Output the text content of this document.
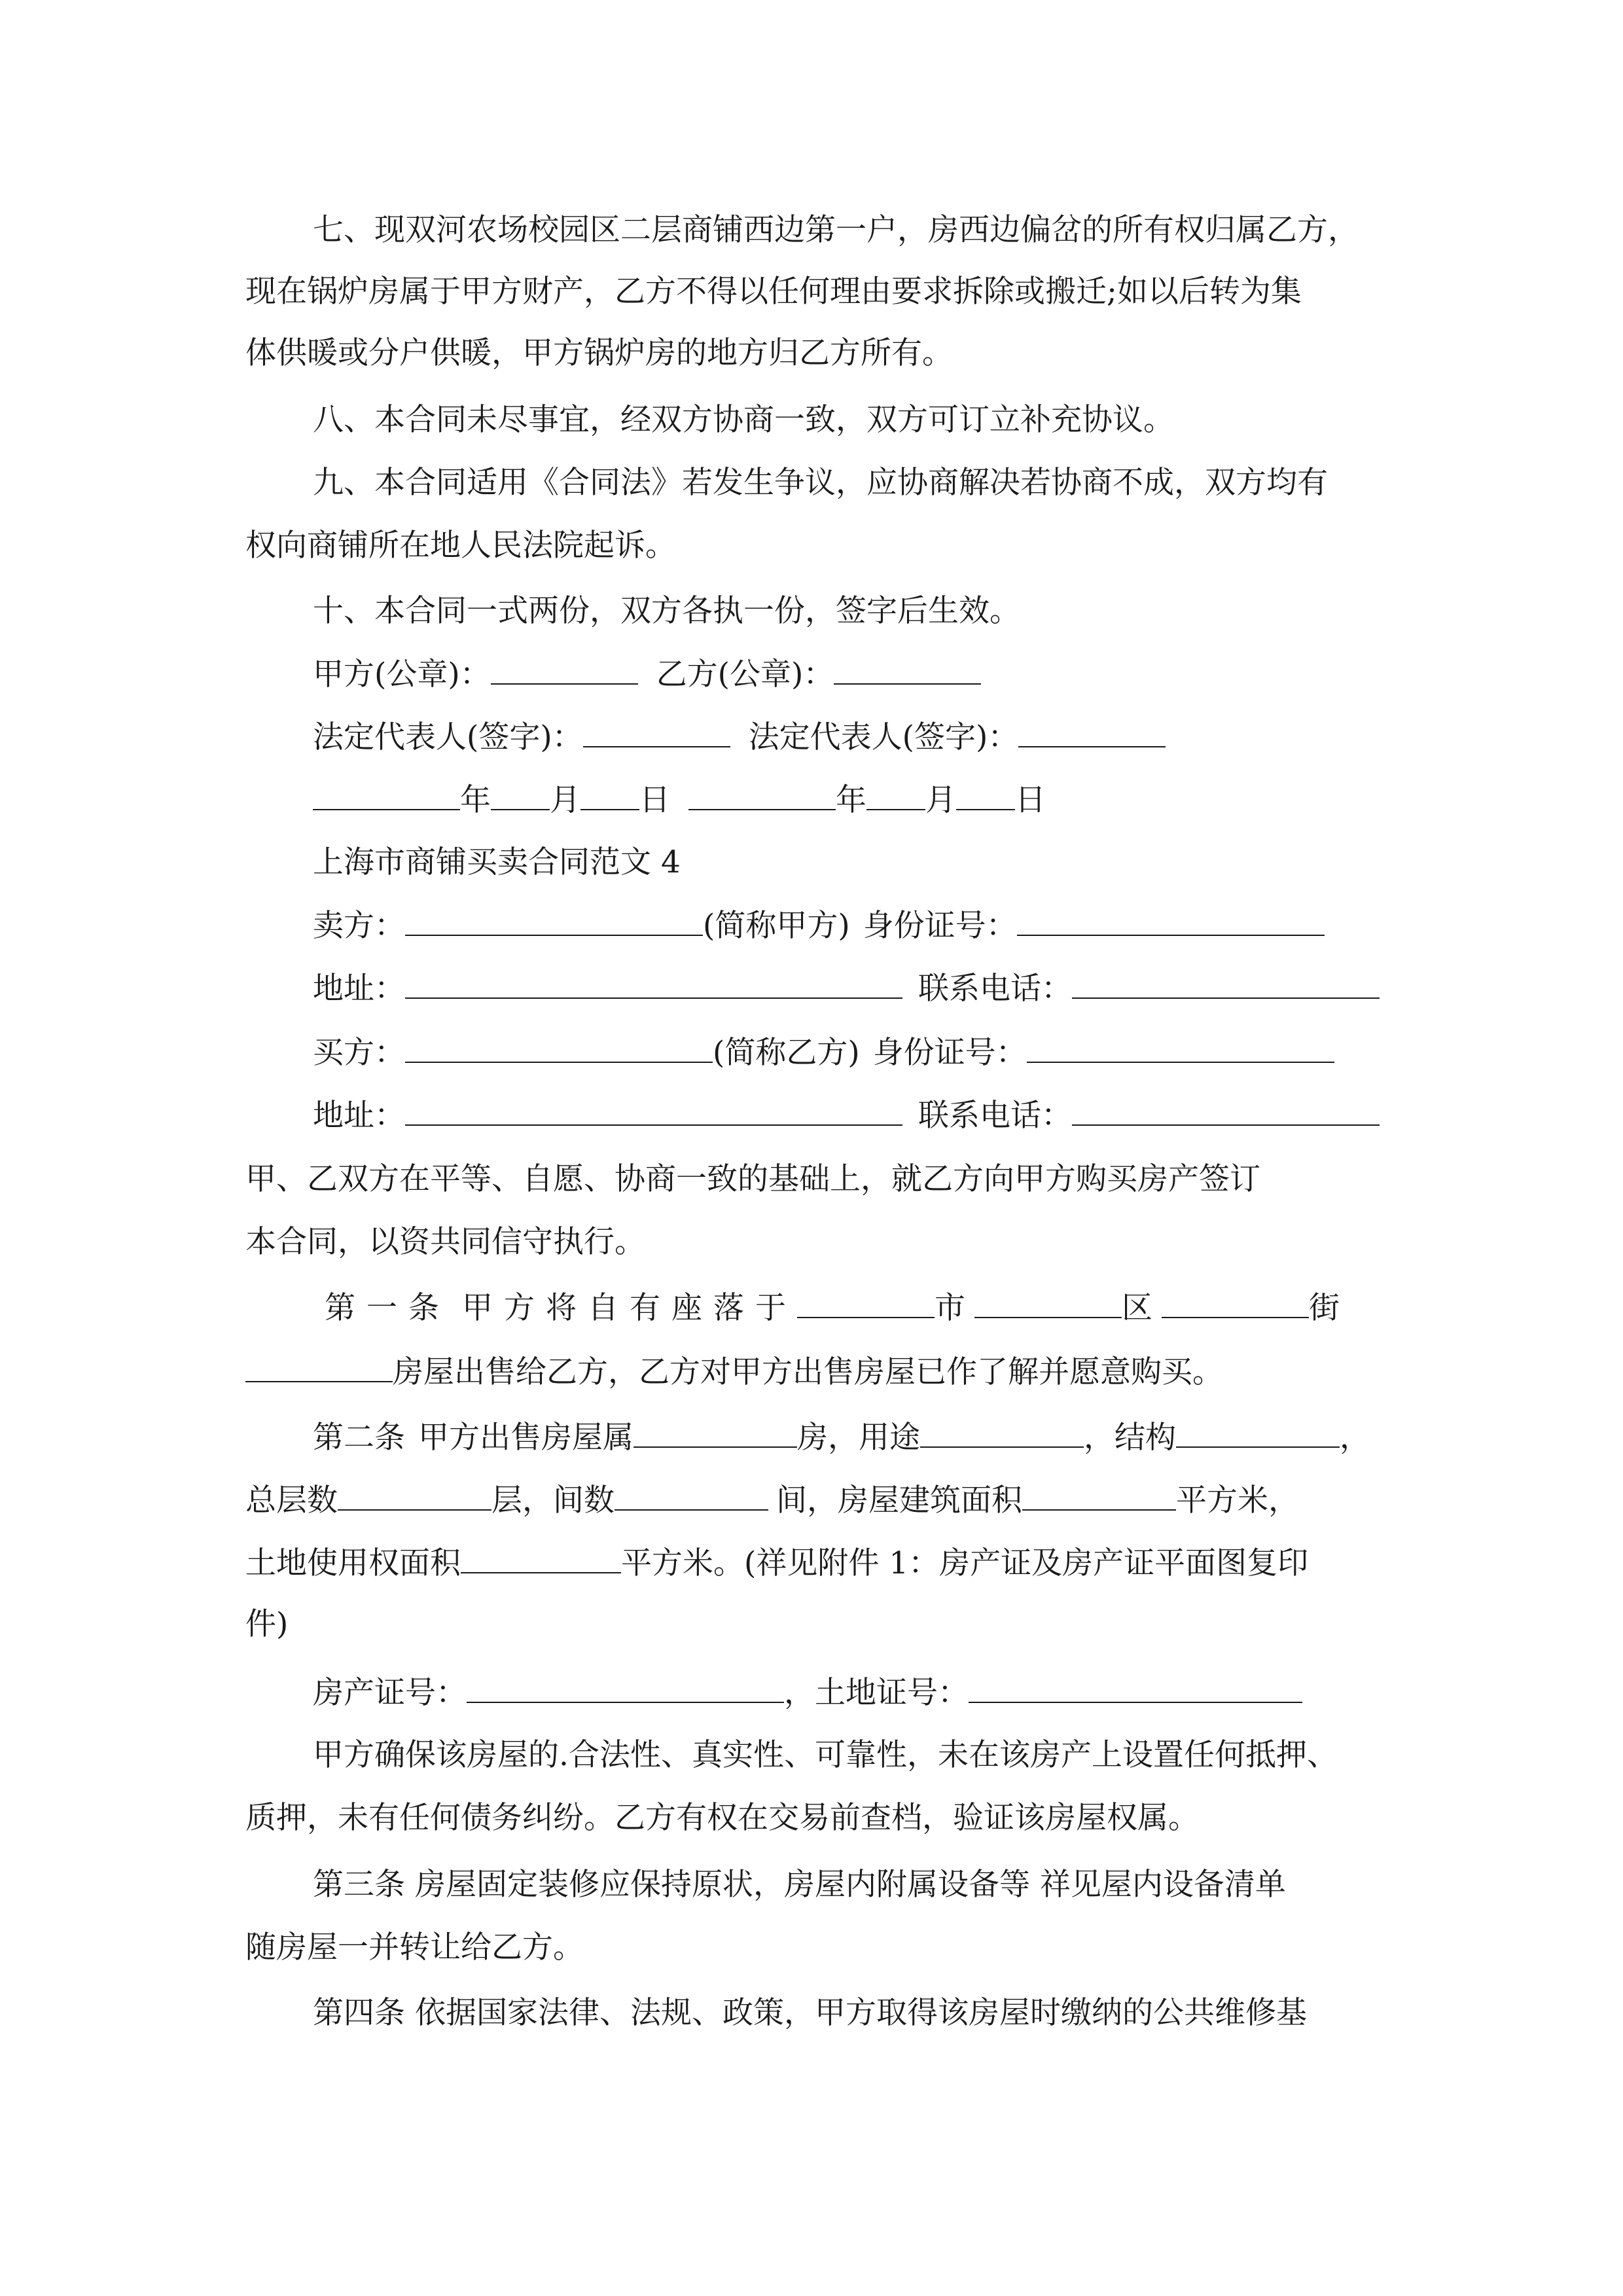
七、现双河农场校园区二层商铺西边第一户，房西边偏岔的所有权归属乙方，
现在锅炉房属于甲方财产，乙方不得以任何理由要求拆除或搬迁;如以后转为集
体供暖或分户供暖，甲方锅炉房的地方归乙方所有。
八、本合同未尽事宜，经双方协商一致，双方可订立补充协议。
九、本合同适用《合同法》若发生争议，应协商解决若协商不成，双方均有
权向商铺所在地人民法院起诉。
十、本合同一式两份，双方各执一份，签字后生效。
甲方(公章)：	乙方(公章)：
法定代表人(签字)：	法定代表人(签字)：
年 月 日	年 月 日
上海市商铺买卖合同范文 4
卖方：	(简称甲方) 身份证号：
地址：	联系电话：
买方：	(简称乙方) 身份证号：
地址：	联系电话：
甲、乙双方在平等、自愿、协商一致的基础上，就乙方向甲方购买房产签订
本合同，以资共同信守执行。
第一条 甲方将自有座落于	市	区	街
房屋出售给乙方，乙方对甲方出售房屋已作了解并愿意购买。
第二条 甲方出售房屋属	房，用途	，结构	，
总层数	层，间数	间，房屋建筑面积	平方米，
土地使用权面积	平方米。(祥见附件 1：房产证及房产证平面图复印
件)
房产证号：	，土地证号：
甲方确保该房屋的.合法性、真实性、可靠性，未在该房产上设置任何抵押、
质押，未有任何债务纠纷。乙方有权在交易前查档，验证该房屋权属。
第三条 房屋固定装修应保持原状，房屋内附属设备等 祥见屋内设备清单
随房屋一并转让给乙方。
第四条 依据国家法律、法规、政策，甲方取得该房屋时缴纳的公共维修基
